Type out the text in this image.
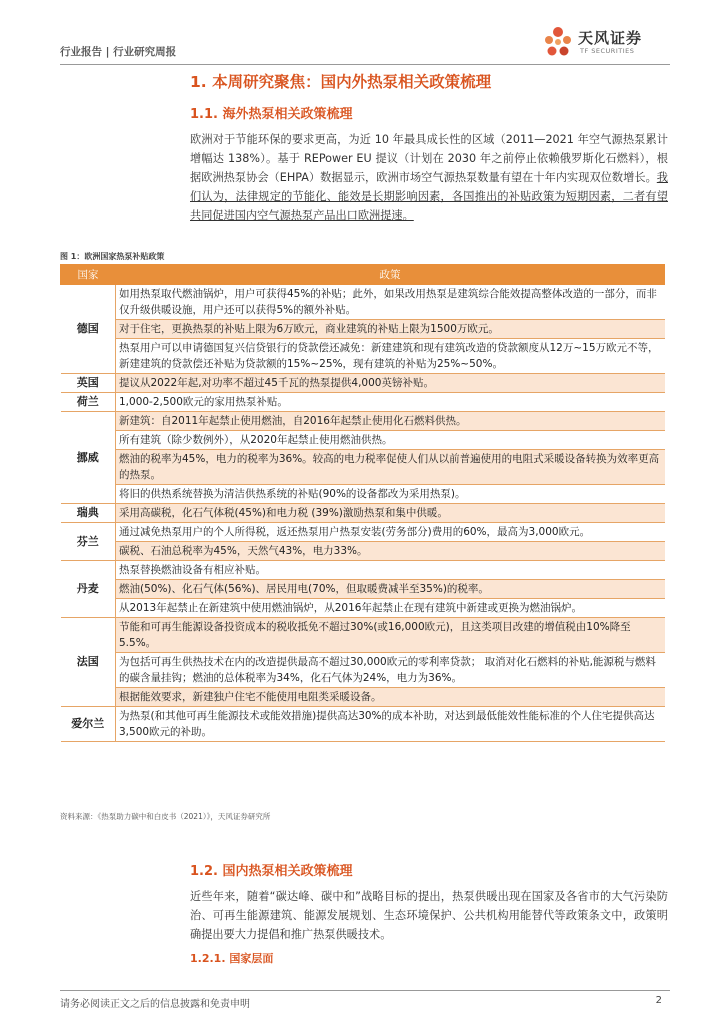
行业报告 | 行业研究周报
天风证券
TF SECURITIES
1. 本周研究聚焦：国内外热泵相关政策梳理
1.1. 海外热泵相关政策梳理
欧洲对于节能环保的要求更高，为近 10 年最具成长性的区域（2011—2021 年空气源热泵累计增幅达 138%）。基于 REPower EU 提议（计划在 2030 年之前停止依赖俄罗斯化石燃料），根据欧洲热泵协会（EHPA）数据显示，欧洲市场空气源热泵数量有望在十年内实现双位数增长。我们认为，法律规定的节能化、能效是长期影响因素，各国推出的补贴政策为短期因素，二者有望共同促进国内空气源热泵产品出口欧洲提速。
图 1：欧洲国家热泵补贴政策
国家	政策
德国	如用热泵取代燃油锅炉，用户可获得45%的补贴；此外，如果改用热泵是建筑综合能效提高整体改造的一部分，而非仅升级供暖设施，用户还可以获得5%的额外补贴。
	对于住宅，更换热泵的补贴上限为6万欧元，商业建筑的补贴上限为1500万欧元。
	热泵用户可以申请德国复兴信贷银行的贷款偿还减免：新建建筑和现有建筑改造的贷款额度从12万~15万欧元不等，新建建筑的贷款偿还补贴为贷款额的15%~25%，现有建筑的补贴为25%~50%。
英国	提议从2022年起,对功率不超过45千瓦的热泵提供4,000英镑补贴。
荷兰	1,000-2,500欧元的家用热泵补贴。
挪威	新建筑：自2011年起禁止使用燃油，自2016年起禁止使用化石燃料供热。
	所有建筑（除少数例外），从2020年起禁止使用燃油供热。
	燃油的税率为45%，电力的税率为36%。较高的电力税率促使人们从以前普遍使用的电阻式采暖设备转换为效率更高的热泵。
	将旧的供热系统替换为清洁供热系统的补贴(90%的设备都改为采用热泵)。
瑞典	采用高碳税，化石气体税(45%)和电力税 (39%)激励热泵和集中供暖。
芬兰	通过减免热泵用户的个人所得税，返还热泵用户热泵安装(劳务部分)费用的60%，最高为3,000欧元。
	碳税、石油总税率为45%，天然气43%，电力33%。
丹麦	热泵替换燃油设备有相应补贴。
	燃油(50%)、化石气体(56%)、居民用电(70%，但取暖费减半至35%)的税率。
	从2013年起禁止在新建筑中使用燃油锅炉，从2016年起禁止在现有建筑中新建或更换为燃油锅炉。
法国	节能和可再生能源设备投资成本的税收抵免不超过30%(或16,000欧元)，且这类项目改建的增值税由10%降至5.5%。
	为包括可再生供热技术在内的改造提供最高不超过30,000欧元的零利率贷款； 取消对化石燃料的补贴,能源税与燃料的碳含量挂钩；燃油的总体税率为34%，化石气体为24%，电力为36%。
	根据能效要求，新建独户住宅不能使用电阻类采暖设备。
爱尔兰	为热泵(和其他可再生能源技术或能效措施)提供高达30%的成本补助，对达到最低能效性能标准的个人住宅提供高达3,500欧元的补助。
资料来源：《热泵助力碳中和白皮书（2021）》，天风证券研究所
1.2. 国内热泵相关政策梳理
近些年来，随着“碳达峰、碳中和”战略目标的提出，热泵供暖出现在国家及各省市的大气污染防治、可再生能源建筑、能源发展规划、生态环境保护、公共机构用能替代等政策条文中，政策明确提出要大力提倡和推广热泵供暖技术。
1.2.1. 国家层面
请务必阅读正文之后的信息披露和免责申明	2
